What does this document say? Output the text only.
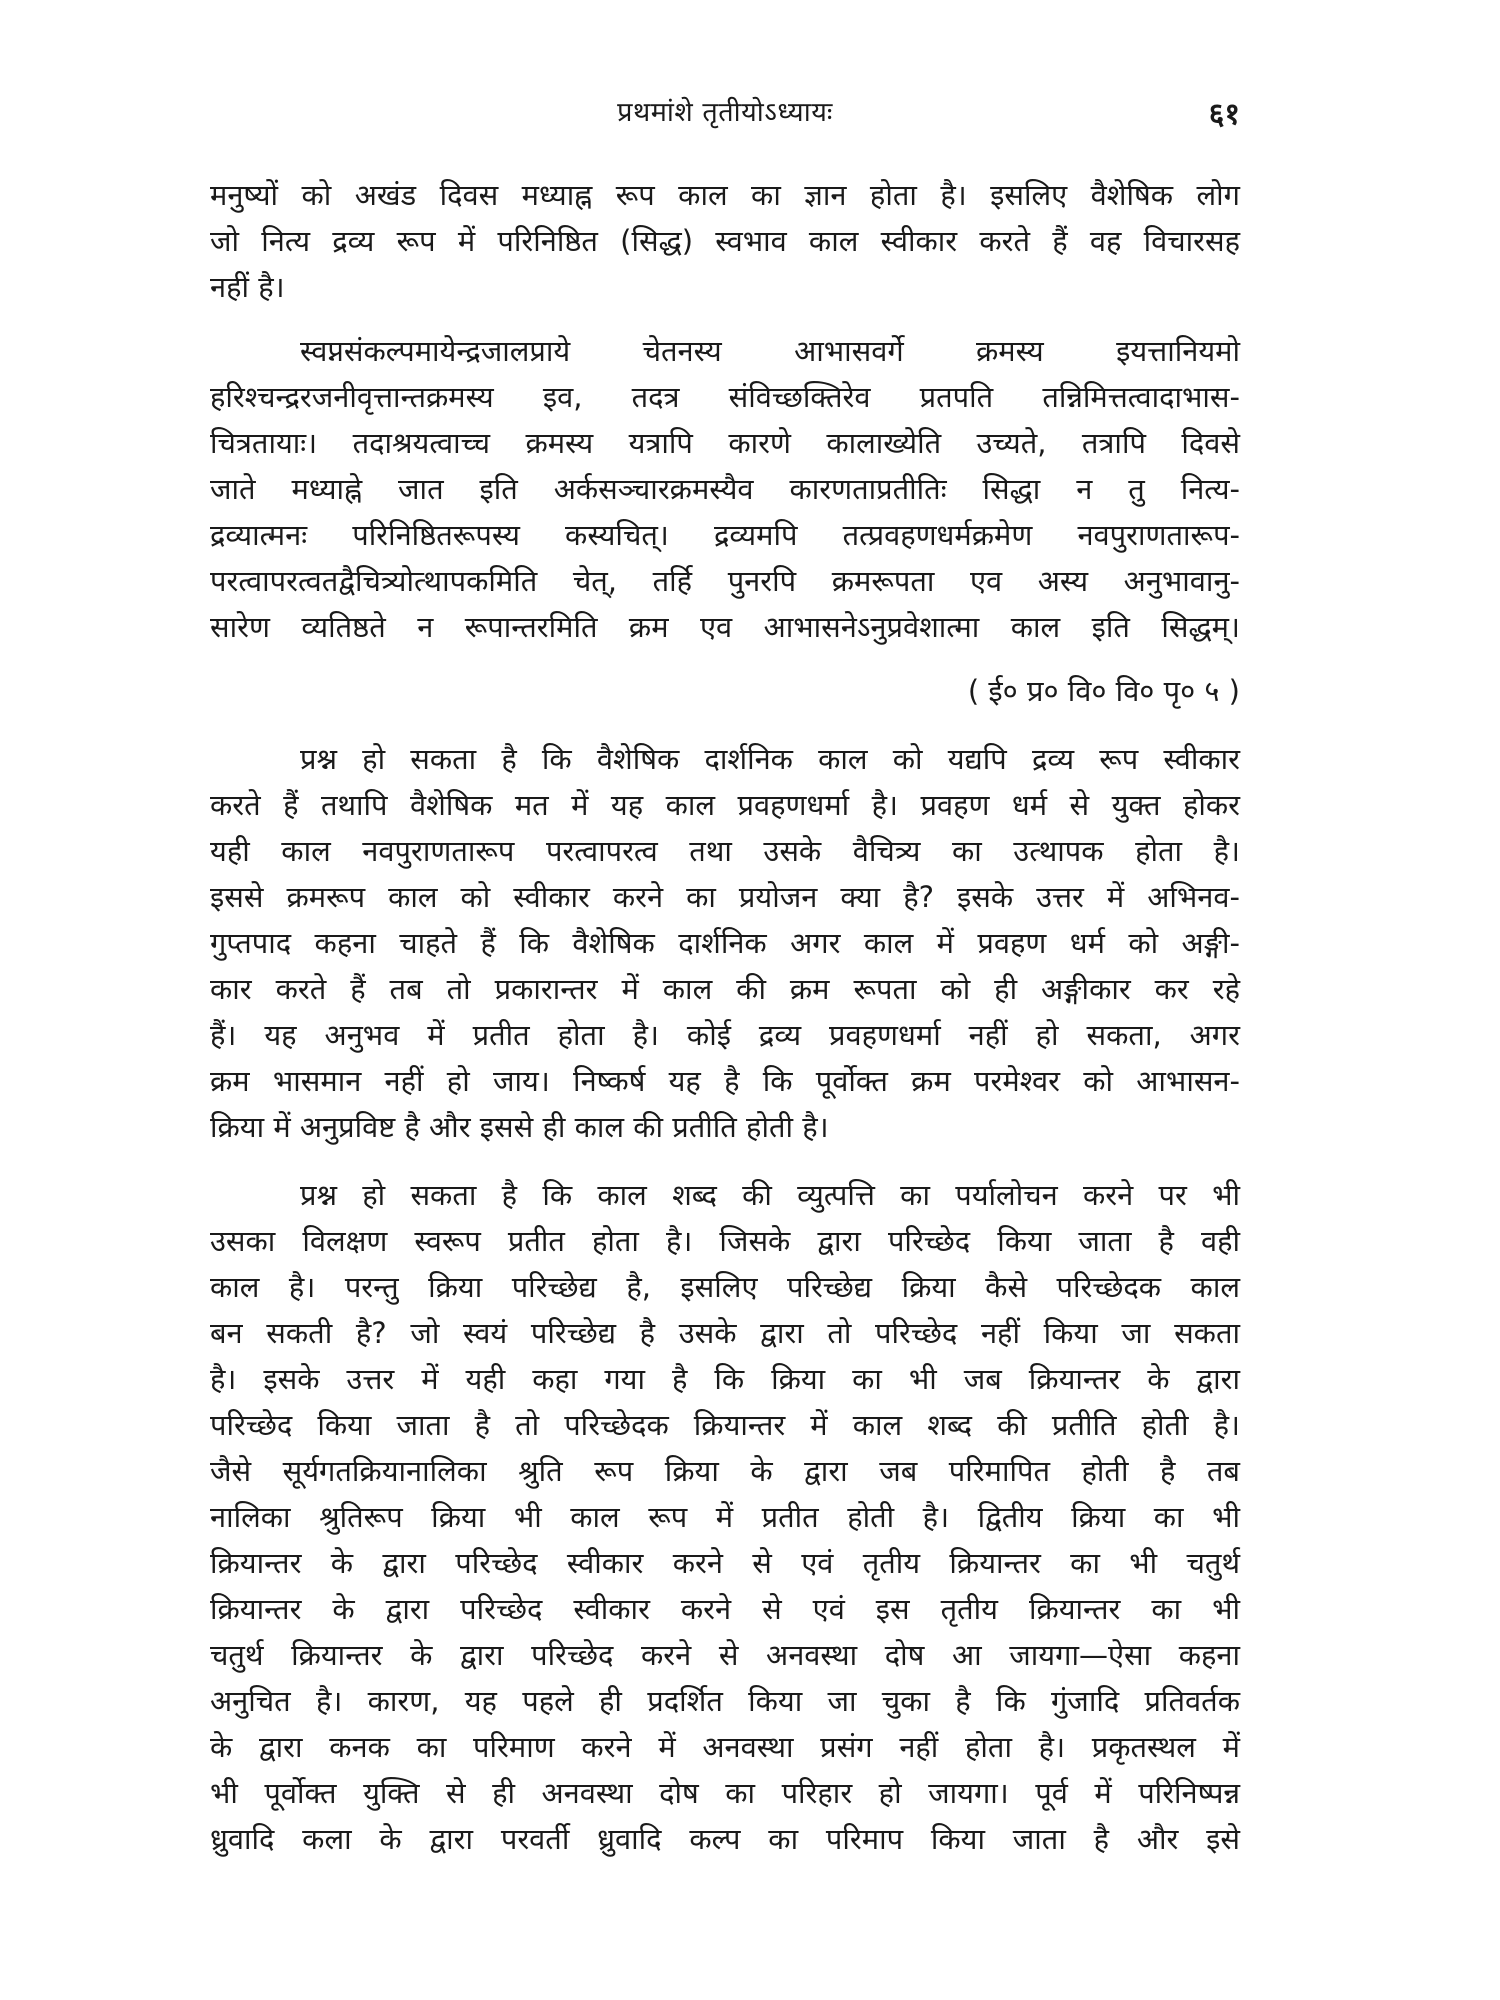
प्रथमांशे तृतीयोऽध्यायः	६१
मनुष्यों को अखंड दिवस मध्याह्न रूप काल का ज्ञान होता है। इसलिए वैशेषिक लोग
जो नित्य द्रव्य रूप में परिनिष्ठित (सिद्ध) स्वभाव काल स्वीकार करते हैं वह विचारसह
नहीं है।
स्वप्नसंकल्पमायेन्द्रजालप्राये चेतनस्य आभासवर्गे क्रमस्य इयत्तानियमो
हरिश्चन्द्ररजनीवृत्तान्तक्रमस्य इव, तदत्र संविच्छक्तिरेव प्रतपति तन्निमित्तत्वादाभास-
चित्रतायाः। तदाश्रयत्वाच्च क्रमस्य यत्रापि कारणे कालाख्येति उच्यते, तत्रापि दिवसे
जाते मध्याह्ने जात इति अर्कसञ्चारक्रमस्यैव कारणताप्रतीतिः सिद्धा न तु नित्य-
द्रव्यात्मनः परिनिष्ठितरूपस्य कस्यचित्। द्रव्यमपि तत्प्रवहणधर्मक्रमेण नवपुराणतारूप-
परत्वापरत्वतद्वैचित्र्योत्थापकमिति चेत्, तर्हि पुनरपि क्रमरूपता एव अस्य अनुभावानु-
सारेण व्यतिष्ठते न रूपान्तरमिति क्रम एव आभासनेऽनुप्रवेशात्मा काल इति सिद्धम्।
( ई० प्र० वि० वि० पृ० ५ )
प्रश्न हो सकता है कि वैशेषिक दार्शनिक काल को यद्यपि द्रव्य रूप स्वीकार
करते हैं तथापि वैशेषिक मत में यह काल प्रवहणधर्मा है। प्रवहण धर्म से युक्त होकर
यही काल नवपुराणतारूप परत्वापरत्व तथा उसके वैचित्र्य का उत्थापक होता है।
इससे क्रमरूप काल को स्वीकार करने का प्रयोजन क्या है? इसके उत्तर में अभिनव-
गुप्तपाद कहना चाहते हैं कि वैशेषिक दार्शनिक अगर काल में प्रवहण धर्म को अङ्गी-
कार करते हैं तब तो प्रकारान्तर में काल की क्रम रूपता को ही अङ्गीकार कर रहे
हैं। यह अनुभव में प्रतीत होता है। कोई द्रव्य प्रवहणधर्मा नहीं हो सकता, अगर
क्रम भासमान नहीं हो जाय। निष्कर्ष यह है कि पूर्वोक्त क्रम परमेश्वर को आभासन-
क्रिया में अनुप्रविष्ट है और इससे ही काल की प्रतीति होती है।
प्रश्न हो सकता है कि काल शब्द की व्युत्पत्ति का पर्यालोचन करने पर भी
उसका विलक्षण स्वरूप प्रतीत होता है। जिसके द्वारा परिच्छेद किया जाता है वही
काल है। परन्तु क्रिया परिच्छेद्य है, इसलिए परिच्छेद्य क्रिया कैसे परिच्छेदक काल
बन सकती है? जो स्वयं परिच्छेद्य है उसके द्वारा तो परिच्छेद नहीं किया जा सकता
है। इसके उत्तर में यही कहा गया है कि क्रिया का भी जब क्रियान्तर के द्वारा
परिच्छेद किया जाता है तो परिच्छेदक क्रियान्तर में काल शब्द की प्रतीति होती है।
जैसे सूर्यगतक्रियानालिका श्रुति रूप क्रिया के द्वारा जब परिमापित होती है तब
नालिका श्रुतिरूप क्रिया भी काल रूप में प्रतीत होती है। द्वितीय क्रिया का भी
क्रियान्तर के द्वारा परिच्छेद स्वीकार करने से एवं तृतीय क्रियान्तर का भी चतुर्थ
क्रियान्तर के द्वारा परिच्छेद स्वीकार करने से एवं इस तृतीय क्रियान्तर का भी
चतुर्थ क्रियान्तर के द्वारा परिच्छेद करने से अनवस्था दोष आ जायगा—ऐसा कहना
अनुचित है। कारण, यह पहले ही प्रदर्शित किया जा चुका है कि गुंजादि प्रतिवर्तक
के द्वारा कनक का परिमाण करने में अनवस्था प्रसंग नहीं होता है। प्रकृतस्थल में
भी पूर्वोक्त युक्ति से ही अनवस्था दोष का परिहार हो जायगा। पूर्व में परिनिष्पन्न
ध्रुवादि कला के द्वारा परवर्ती ध्रुवादि कल्प का परिमाप किया जाता है और इसे
